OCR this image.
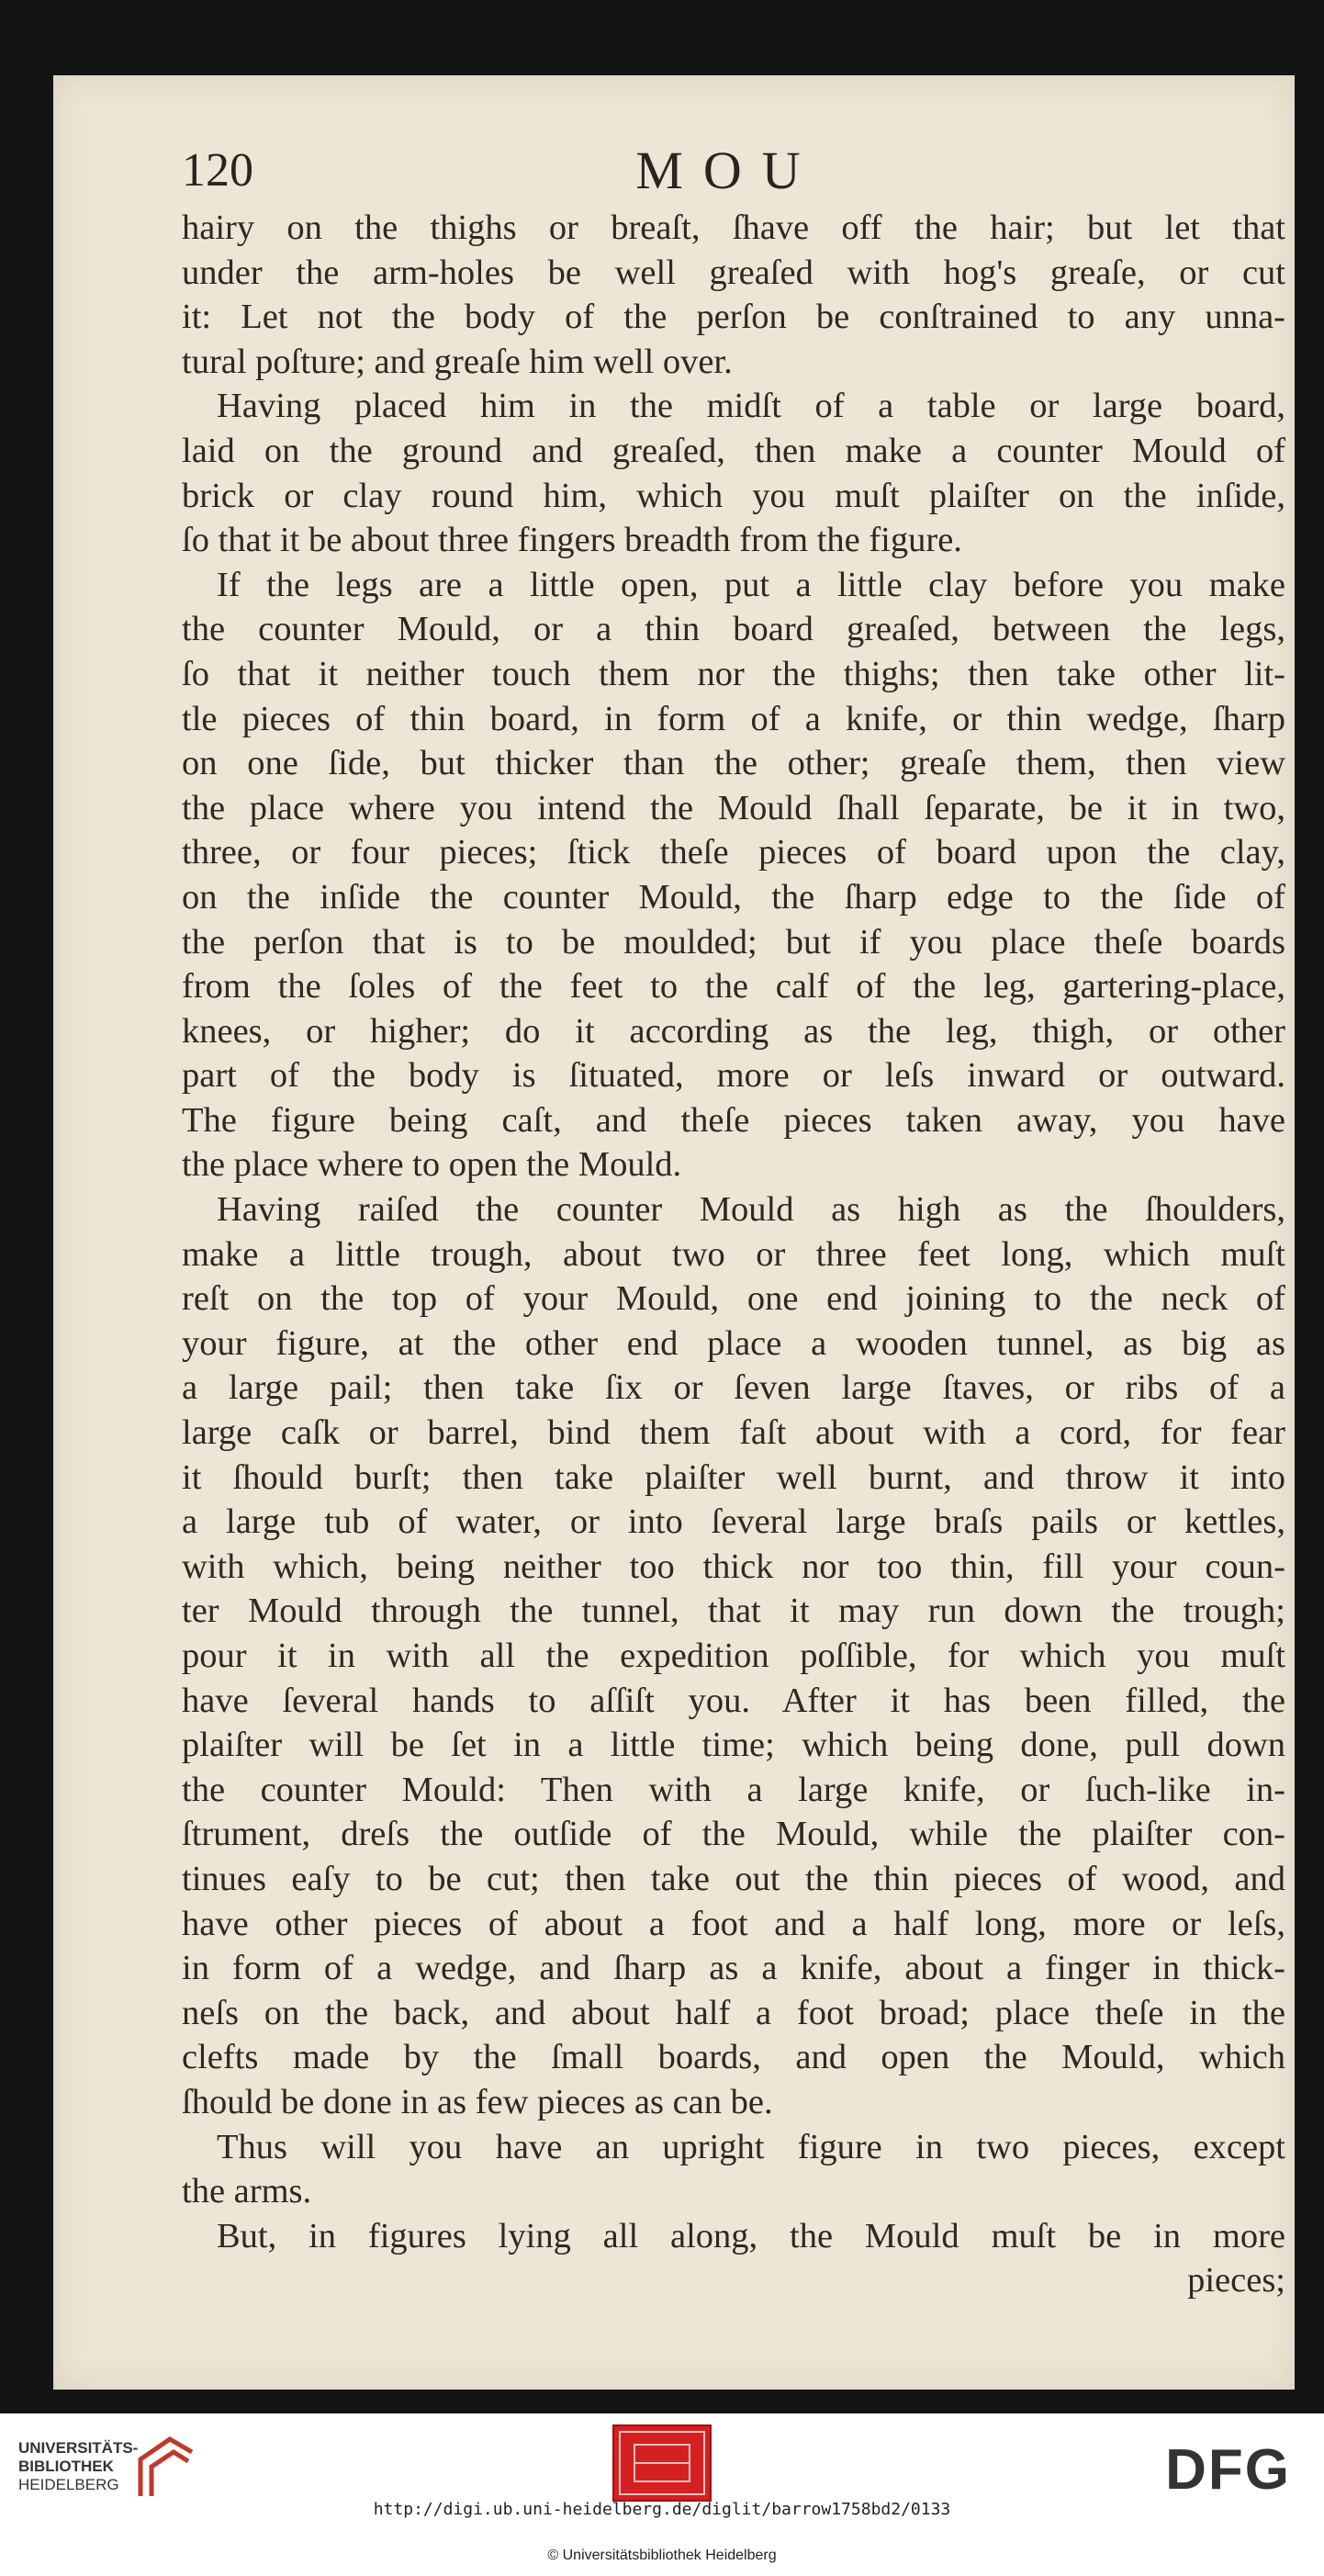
120	MOU
hairy on the thighs or breaſt, ſhave off the hair; but let that
under the arm-holes be well greaſed with hog's greaſe, or cut
it: Let not the body of the perſon be conſtrained to any unna-
tural poſture; and greaſe him well over.
Having placed him in the midſt of a table or large board,
laid on the ground and greaſed, then make a counter Mould of
brick or clay round him, which you muſt plaiſter on the inſide,
ſo that it be about three fingers breadth from the figure.
If the legs are a little open, put a little clay before you make
the counter Mould, or a thin board greaſed, between the legs,
ſo that it neither touch them nor the thighs; then take other lit-
tle pieces of thin board, in form of a knife, or thin wedge, ſharp
on one ſide, but thicker than the other; greaſe them, then view
the place where you intend the Mould ſhall ſeparate, be it in two,
three, or four pieces; ſtick theſe pieces of board upon the clay,
on the inſide the counter Mould, the ſharp edge to the ſide of
the perſon that is to be moulded; but if you place theſe boards
from the ſoles of the feet to the calf of the leg, gartering-place,
knees, or higher; do it according as the leg, thigh, or other
part of the body is ſituated, more or leſs inward or outward.
The figure being caſt, and theſe pieces taken away, you have
the place where to open the Mould.
Having raiſed the counter Mould as high as the ſhoulders,
make a little trough, about two or three feet long, which muſt
reſt on the top of your Mould, one end joining to the neck of
your figure, at the other end place a wooden tunnel, as big as
a large pail; then take ſix or ſeven large ſtaves, or ribs of a
large caſk or barrel, bind them faſt about with a cord, for fear
it ſhould burſt; then take plaiſter well burnt, and throw it into
a large tub of water, or into ſeveral large braſs pails or kettles,
with which, being neither too thick nor too thin, fill your coun-
ter Mould through the tunnel, that it may run down the trough;
pour it in with all the expedition poſſible, for which you muſt
have ſeveral hands to aſſiſt you. After it has been filled, the
plaiſter will be ſet in a little time; which being done, pull down
the counter Mould: Then with a large knife, or ſuch-like in-
ſtrument, dreſs the outſide of the Mould, while the plaiſter con-
tinues eaſy to be cut; then take out the thin pieces of wood, and
have other pieces of about a foot and a half long, more or leſs,
in form of a wedge, and ſharp as a knife, about a finger in thick-
neſs on the back, and about half a foot broad; place theſe in the
clefts made by the ſmall boards, and open the Mould, which
ſhould be done in as few pieces as can be.
Thus will you have an upright figure in two pieces, except
the arms.
But, in figures lying all along, the Mould muſt be in more
pieces;
UNIVERSITÄTS-
BIBLIOTHEK
HEIDELBERG	DFG
http://digi.ub.uni-heidelberg.de/diglit/barrow1758bd2/0133
© Universitätsbibliothek Heidelberg
